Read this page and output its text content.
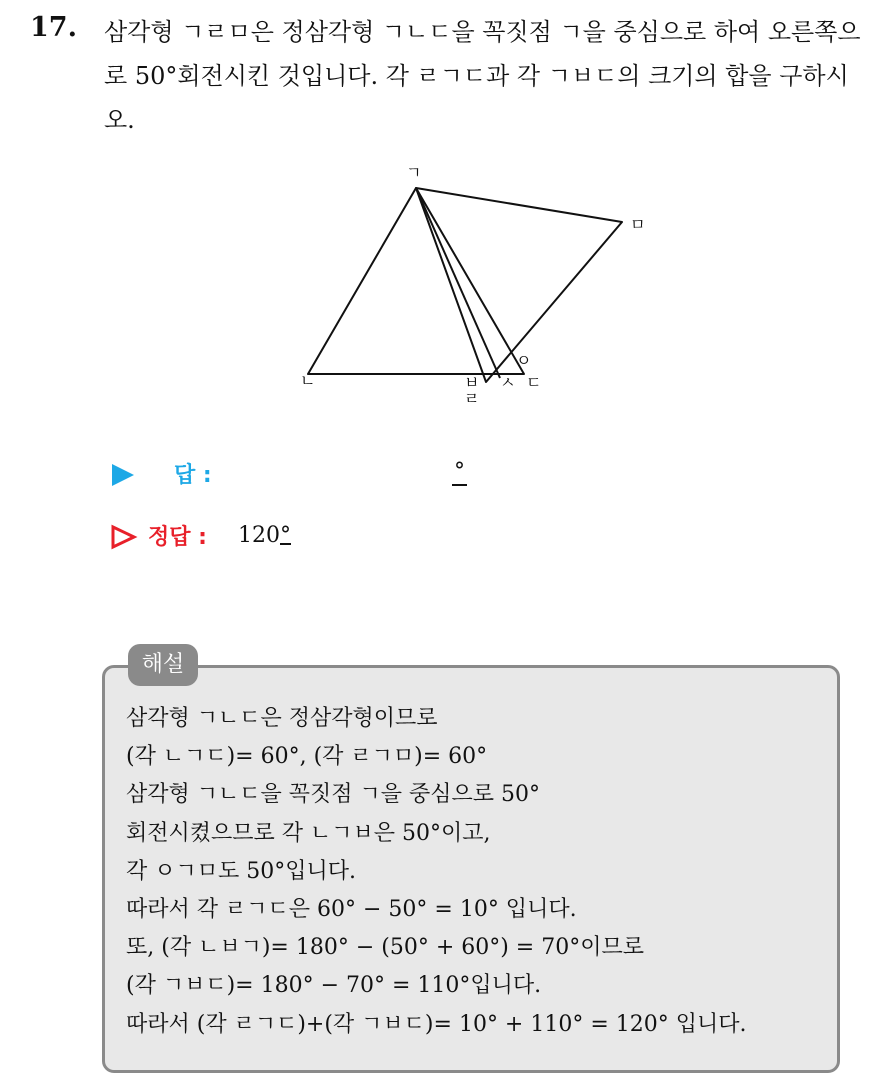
17. 삼각형 ㄱㄹㅁ은 정삼각형 ㄱㄴㄷ을 꼭짓점 ㄱ을 중심으로 하여 오른쪽으로 50°회전시킨 것입니다. 각 ㄹㄱㄷ과 각 ㄱㅂㄷ의 크기의 합을 구하시오.
ㄱ
ㄴ	ㄷ
ㄹ
ㅁ
ㅂ ㅅ
ㅇ
답 :	°
정답 : 120°
해설
삼각형 ㄱㄴㄷ은 정삼각형이므로
(각 ㄴㄱㄷ)= 60°, (각 ㄹㄱㅁ)= 60°
삼각형 ㄱㄴㄷ을 꼭짓점 ㄱ을 중심으로 50°
회전시켰으므로 각 ㄴㄱㅂ은 50°이고,
각 ㅇㄱㅁ도 50°입니다.
따라서 각 ㄹㄱㄷ은 60° − 50° = 10° 입니다.
또, (각 ㄴㅂㄱ)= 180° − (50° + 60°) = 70°이므로
(각 ㄱㅂㄷ)= 180° − 70° = 110°입니다.
따라서 (각 ㄹㄱㄷ)+(각 ㄱㅂㄷ)= 10° + 110° = 120° 입니다.
